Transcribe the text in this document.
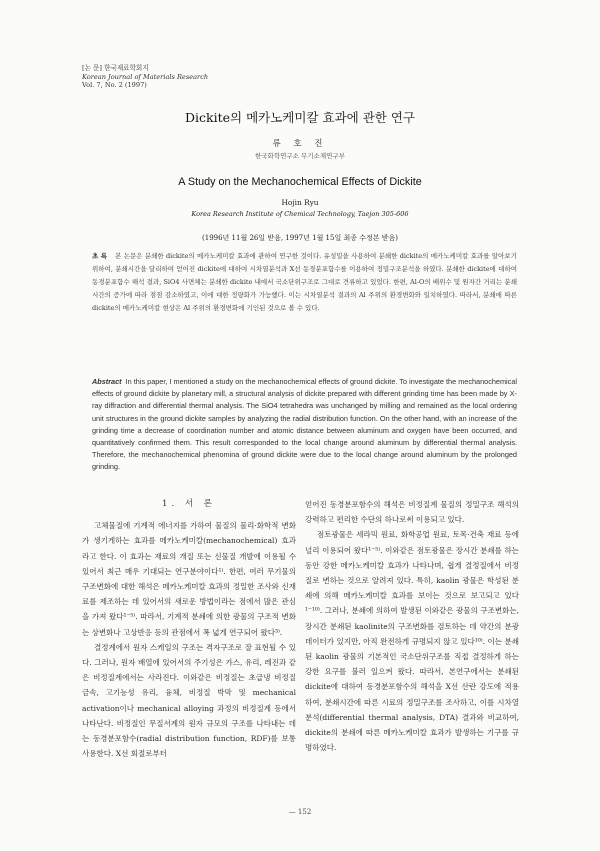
[논 문] 한국재료학회지
Korean Journal of Materials Research
Vol. 7, No. 2 (1997)
Dickite의 메카노케미칼 효과에 관한 연구
류 호 진
한국화학연구소 무기소재연구부
A Study on the Mechanochemical Effects of Dickite
Hojin Ryu
Korea Research Institute of Chemical Technology, Taejon 305-606
(1996년 11월 26일 받음, 1997년 1월 15일 최종 수정본 받음)
초 록 본 논문은 분쇄한 dickite의 메카노케미칼 효과에 관하여 연구한 것이다. 유성밀을 사용하여 분쇄한 dickite의 메카노케미칼 효과를 알아보기 위하여, 분쇄시간을 달리하여 얻어진 dickite에 대하여 시차열분석과 X선 동경분포함수를 이용하여 정밀구조분석을 하였다. 분쇄한 dickite에 대하여 동경분포함수 해석 결과, SiO4 사면체는 분쇄한 dickite 내에서 국소단위구조로 그대로 견류하고 있었다. 한편, Al-O의 배위수 및 원자간 거리는 분쇄시간의 증가에 따라 점점 감소하였고, 이에 대한 정량화가 가능했다. 이는 시차열분석 결과의 Al 주위의 환경변화와 일치하였다. 따라서, 분쇄에 따른 dickite의 메카노케미칼 현상은 Al 주위의 환경변화에 기인된 것으로 볼 수 있다.
Abstract In this paper, I mentioned a study on the mechanochemical effects of ground dickite. To investigate the mechanochemical effects of ground dickite by planetary mill, a structural analysis of dickite prepared with different grinding time has been made by X-ray diffraction and differential thermal analysis. The SiO4 tetrahedra was unchanged by milling and remained as the local ordering unit structures in the ground dickite samples by analyzing the radial distribution function. On the other hand, with an increase of the grinding time a decrease of coordination number and atomic distance between aluminum and oxygen have been occurred, and quantitatively confirmed them. This result corresponded to the local change around aluminum by differential thermal analysis. Therefore, the mechanochemical phenomina of ground dickite were due to the local change around aluminum by the prolonged grinding.
1. 서 론

고체물질에 기계적 에너지를 가하여 물질의 물리·화학적 변화가 생기게하는 효과를 메카노케미칼(mechanochemical) 효과라고 한다. 이 효과는 재료의 개질 또는 신물질 개발에 이용될 수 있어서 최근 매우 기대되는 연구분야이다¹⁾. 한편, 여러 무기물의 구조변화에 대한 해석은 메카노케미칼 효과의 정밀한 조사와 신재료를 제조하는 데 있어서의 새로운 방법이라는 점에서 많은 관심을 가져 왔다¹⁻⁵⁾. 따라서, 기계적 분쇄에 의한 광물의 구조적 변화는 상변화나 고상반응 등의 관점에서 폭 넓게 연구되어 왔다³⁾.

결정계에서 원자 스케일의 구조는 격자구조로 잘 표현될 수 있다. 그러나, 원자 배열에 있어서의 주기성은 가스, 유리, 레진과 같은 비정질계에서는 사라진다. 이와같은 비정질는 초급냉 비정질 금속, 고기능성 유리, 융체, 비정질 박막 및 mechanical activation이나 mechanical alloying 과정의 비정질계 등에서 나타난다. 비정질인 무질서계의 원자 규모의 구조를 나타내는 데는 동경분포함수(radial distribution function, RDF)를 보통 사용한다. X선 회절로부터

얻어진 동경분포함수의 해석은 비정질계 물질의 정밀구조 해석의 강력하고 편리한 수단의 하나로써 이용되고 있다.

점토광물은 세라믹 원료, 화학공업 원료, 토목·건축 재료 등에 널리 이용되어 왔다¹⁻⁵⁾. 이와같은 점토광물은 장시간 분쇄를 하는 동안 강한 메카노케미칼 효과가 나타나며, 쉽게 결정질에서 비정질로 변하는 것으로 알려져 있다. 특히, kaolin 광물은 학성된 분쇄에 의해 메카노케미칼 효과를 보이는 것으로 보고되고 있다¹⁻¹⁰⁾. 그러나, 분쇄에 의하여 발생된 이와같은 광물의 구조변화는, 장시간 분쇄된 kaolinite의 구조변화를 검토하는 데 약간의 분광 데이터가 있지만, 아직 완전하게 규명되지 않고 있다¹⁰⁾. 이는 분쇄된 kaolin 광물의 기본적인 국소단위구조를 직접 결정하게 하는 강한 요구를 불러 일으켜 왔다. 따라서, 본연구에서는 분쇄된 dickite에 대하여 동경분포함수의 해석을 X선 산란 강도에 적용하여, 분쇄시간에 따른 시료의 정밀구조를 조사하고, 이를 시차열분석(differential thermal analysis, DTA) 결과와 비교하여, dickite의 분쇄에 따른 메카노케미칼 효과가 발생하는 기구를 규명하였다.

— 152
